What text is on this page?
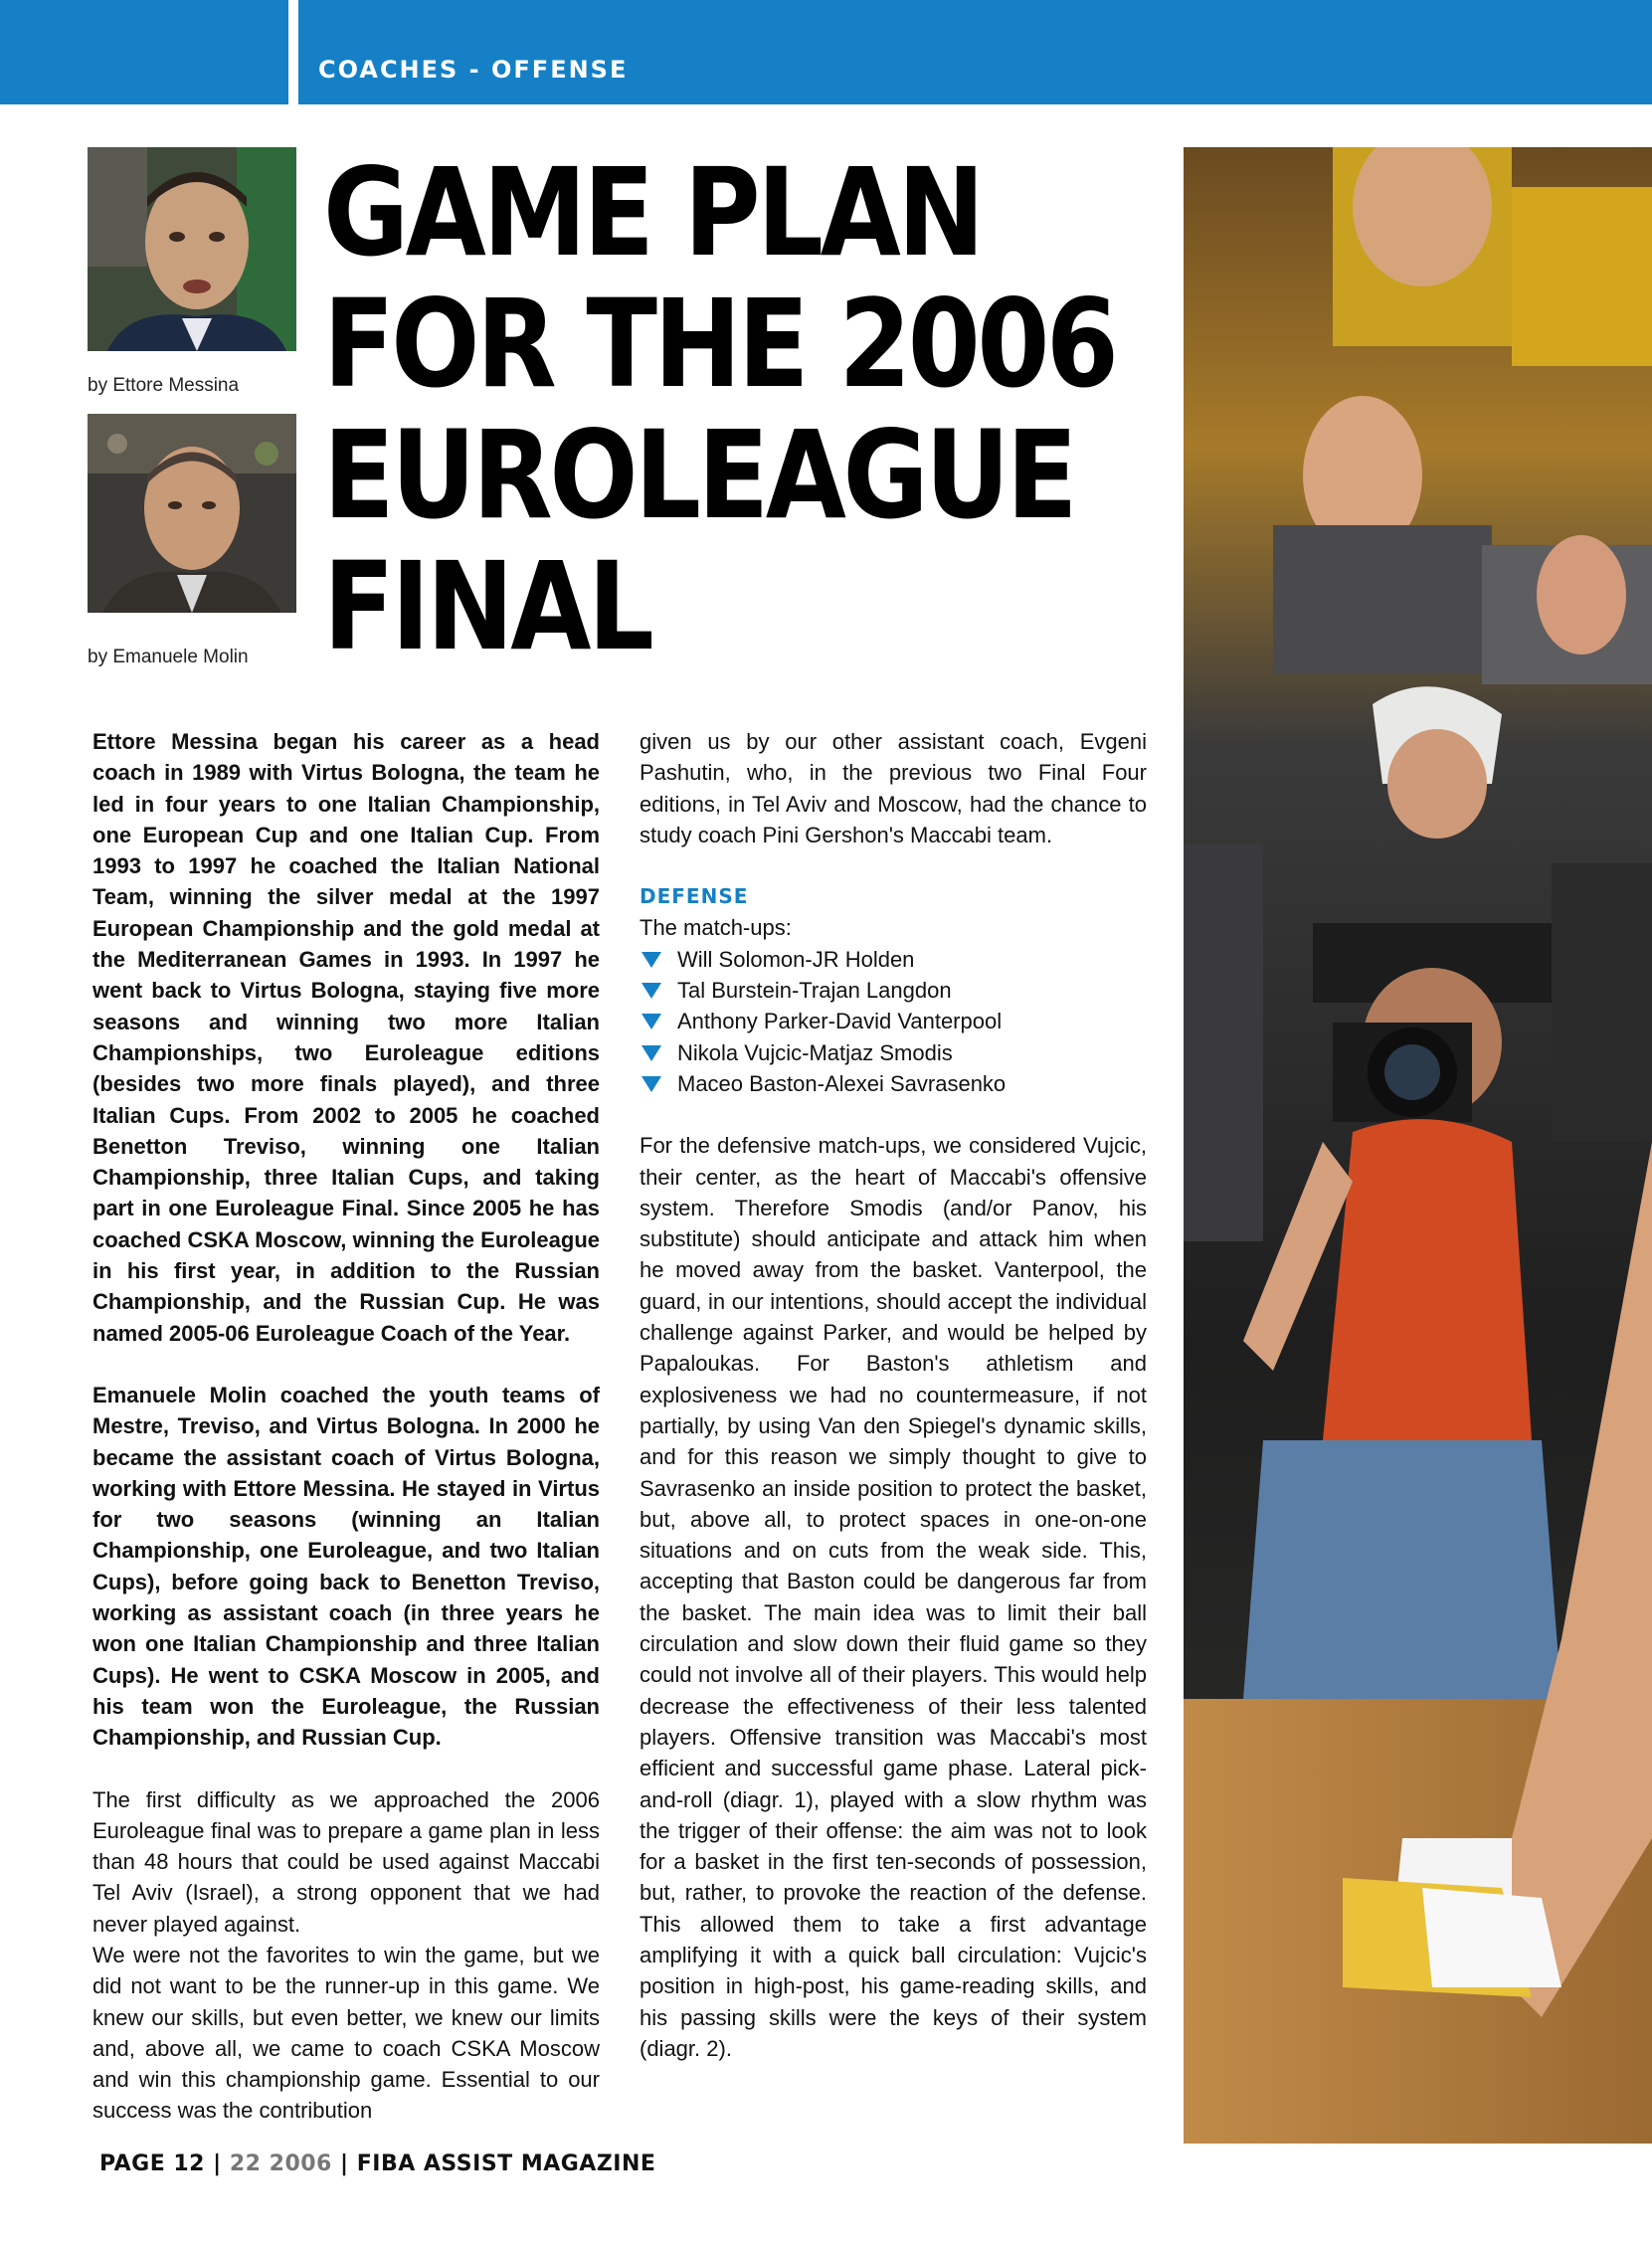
COACHES - OFFENSE
by Ettore Messina
by Emanuele Molin
GAME PLAN
FOR THE 2006
EUROLEAGUE
FINAL

Ettore Messina began his career as a head coach in 1989 with Virtus Bologna, the team he led in four years to one Italian Championship, one European Cup and one Italian Cup. From 1993 to 1997 he coached the Italian National Team, winning the silver medal at the 1997 European Championship and the gold medal at the Mediterranean Games in 1993. In 1997 he went back to Virtus Bologna, staying five more seasons and winning two more Italian Championships, two Euroleague editions (besides two more finals played), and three Italian Cups. From 2002 to 2005 he coached Benetton Treviso, winning one Italian Championship, three Italian Cups, and taking part in one Euroleague Final. Since 2005 he has coached CSKA Moscow, winning the Euroleague in his first year, in addition to the Russian Championship, and the Russian Cup. He was named 2005-06 Euroleague Coach of the Year.

Emanuele Molin coached the youth teams of Mestre, Treviso, and Virtus Bologna. In 2000 he became the assistant coach of Virtus Bologna, working with Ettore Messina. He stayed in Virtus for two seasons (winning an Italian Championship, one Euroleague, and two Italian Cups), before going back to Benetton Treviso, working as assistant coach (in three years he won one Italian Championship and three Italian Cups). He went to CSKA Moscow in 2005, and his team won the Euroleague, the Russian Championship, and Russian Cup.

The first difficulty as we approached the 2006 Euroleague final was to prepare a game plan in less than 48 hours that could be used against Maccabi Tel Aviv (Israel), a strong opponent that we had never played against.

We were not the favorites to win the game, but we did not want to be the runner-up in this game. We knew our skills, but even better, we knew our limits and, above all, we came to coach CSKA Moscow and win this championship game. Essential to our success was the contribution

given us by our other assistant coach, Evgeni Pashutin, who, in the previous two Final Four editions, in Tel Aviv and Moscow, had the chance to study coach Pini Gershon's Maccabi team.

DEFENSE

The match-ups:

Will Solomon-JR Holden
Tal Burstein-Trajan Langdon
Anthony Parker-David Vanterpool
Nikola Vujcic-Matjaz Smodis
Maceo Baston-Alexei Savrasenko

For the defensive match-ups, we considered Vujcic, their center, as the heart of Maccabi's offensive system. Therefore Smodis (and/or Panov, his substitute) should anticipate and attack him when he moved away from the basket. Vanterpool, the guard, in our intentions, should accept the individual challenge against Parker, and would be helped by Papaloukas. For Baston's athletism and explosiveness we had no countermeasure, if not partially, by using Van den Spiegel's dynamic skills, and for this reason we simply thought to give to Savrasenko an inside position to protect the basket, but, above all, to protect spaces in one-on-one situations and on cuts from the weak side. This, accepting that Baston could be dangerous far from the basket. The main idea was to limit their ball circulation and slow down their fluid game so they could not involve all of their players. This would help decrease the effectiveness of their less talented players. Offensive transition was Maccabi's most efficient and successful game phase. Lateral pick-and-roll (diagr. 1), played with a slow rhythm was the trigger of their offense: the aim was not to look for a basket in the first ten-seconds of possession, but, rather, to provoke the reaction of the defense. This allowed them to take a first advantage amplifying it with a quick ball circulation: Vujcic's position in high-post, his game-reading skills, and his passing skills were the keys of their system (diagr. 2).

PAGE 12 | 22 2006 | FIBA ASSIST MAGAZINE
